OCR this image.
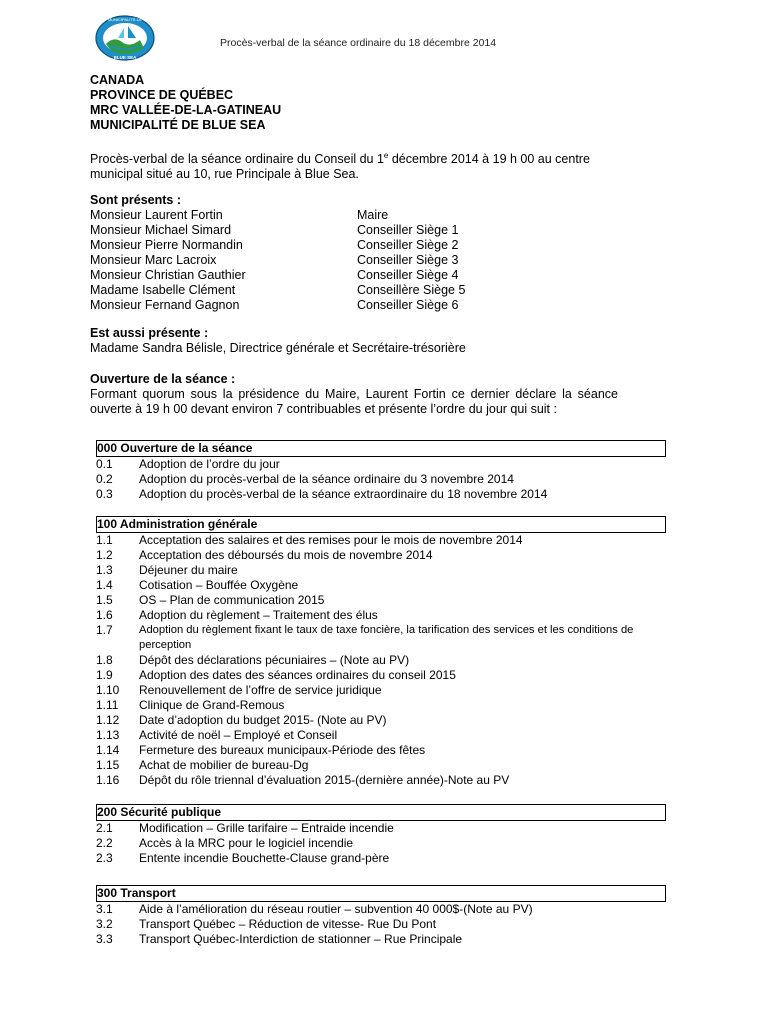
MUNICIPALITÉ DE
BLUE SEA
Procès-verbal de la séance ordinaire du 18 décembre 2014
CANADA
PROVINCE DE QUÉBEC
MRC VALLÉE-DE-LA-GATINEAU
MUNICIPALITÉ DE BLUE SEA
Procès-verbal de la séance ordinaire du Conseil du 1e décembre 2014 à 19 h 00 au centre municipal situé au 10, rue Principale à Blue Sea.
Sont présents :
Monsieur Laurent Fortin	Maire
Monsieur Michael Simard	Conseiller Siège 1
Monsieur Pierre Normandin	Conseiller Siège 2
Monsieur Marc Lacroix	Conseiller Siège 3
Monsieur Christian Gauthier	Conseiller Siège 4
Madame Isabelle Clément	Conseillère Siège 5
Monsieur Fernand Gagnon	Conseiller Siège 6
Est aussi présente :
Madame Sandra Bélisle, Directrice générale et Secrétaire-trésorière
Ouverture de la séance :

Formant quorum sous la présidence du Maire, Laurent Fortin ce dernier déclare la séance ouverte à 19 h 00 devant environ 7 contribuables et présente l’ordre du jour qui suit :

000 Ouverture de la séance
0.1	Adoption de l’ordre du jour
0.2	Adoption du procès-verbal de la séance ordinaire du 3 novembre 2014
0.3	Adoption du procès-verbal de la séance extraordinaire du 18 novembre 2014
100 Administration générale
1.1	Acceptation des salaires et des remises pour le mois de novembre 2014
1.2	Acceptation des déboursés du mois de novembre 2014
1.3	Déjeuner du maire
1.4	Cotisation – Bouffée Oxygène
1.5	OS – Plan de communication 2015
1.6	Adoption du règlement – Traitement des élus
1.7	Adoption du règlement fixant le taux de taxe foncière, la tarification des services et les conditions de perception
1.8	Dépôt des déclarations pécuniaires – (Note au PV)
1.9	Adoption des dates des séances ordinaires du conseil 2015
1.10	Renouvellement de l’offre de service juridique
1.11	Clinique de Grand-Remous
1.12	Date d’adoption du budget 2015- (Note au PV)
1.13	Activité de noël – Employé et Conseil
1.14	Fermeture des bureaux municipaux-Période des fêtes
1.15	Achat de mobilier de bureau-Dg
1.16	Dépôt du rôle triennal d’évaluation 2015-(dernière année)-Note au PV
200 Sécurité publique
2.1	Modification – Grille tarifaire – Entraide incendie
2.2	Accès à la MRC pour le logiciel incendie
2.3	Entente incendie Bouchette-Clause grand-père
300 Transport
3.1	Aide à l’amélioration du réseau routier – subvention 40 000$-(Note au PV)
3.2	Transport Québec – Réduction de vitesse- Rue Du Pont
3.3	Transport Québec-Interdiction de stationner – Rue Principale
